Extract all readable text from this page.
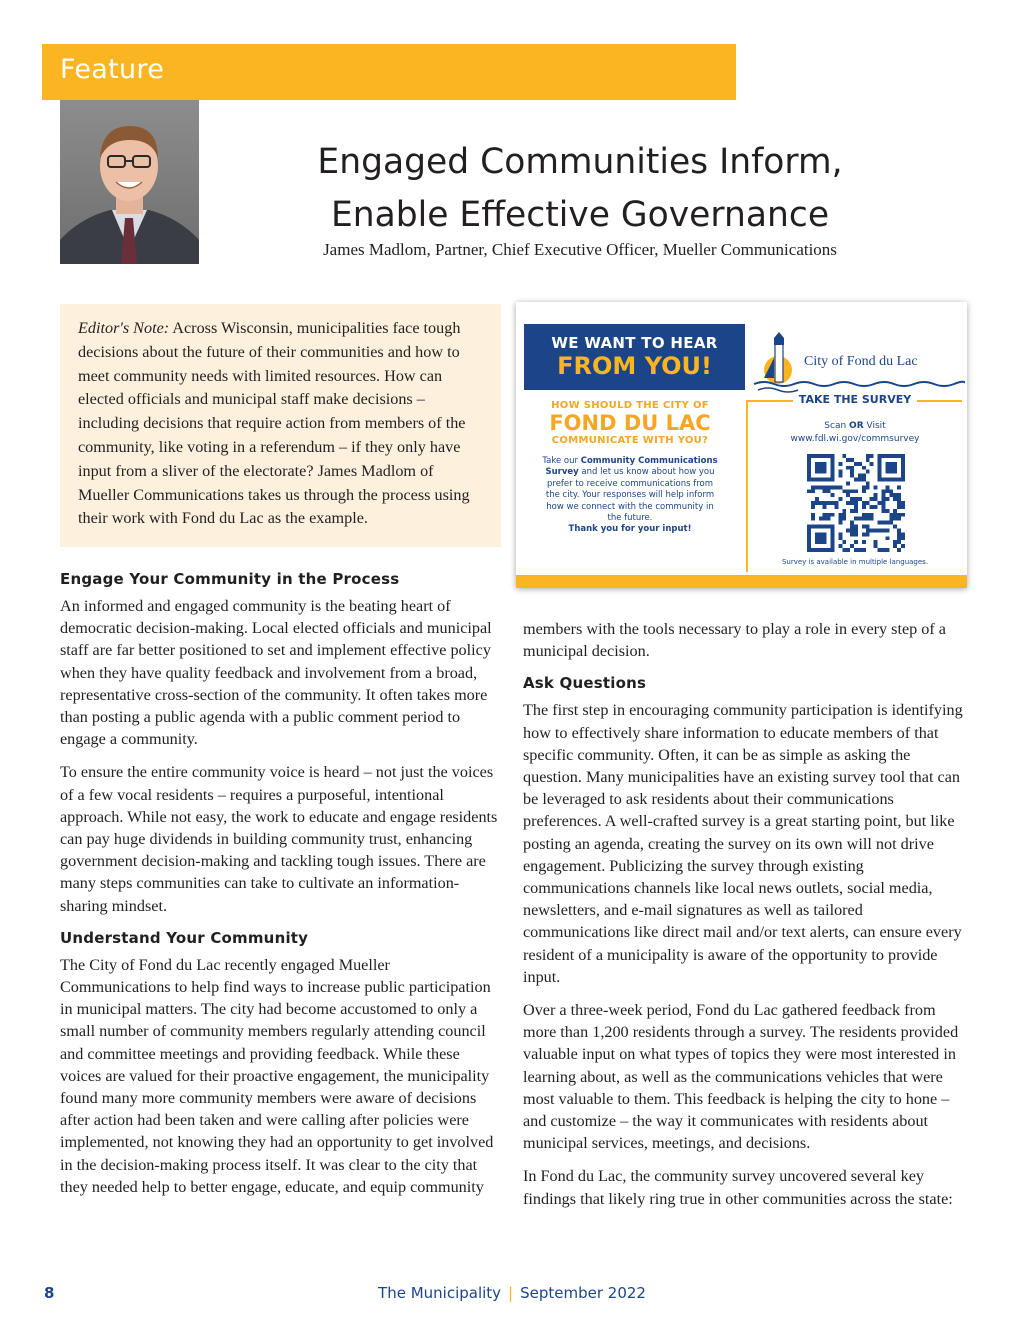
Feature
Engaged Communities Inform,
Enable Effective Governance
James Madlom, Partner, Chief Executive Officer, Mueller Communications
Editor's Note: Across Wisconsin, municipalities face tough decisions about the future of their communities and how to meet community needs with limited resources. How can elected officials and municipal staff make decisions – including decisions that require action from members of the community, like voting in a referendum – if they only have input from a sliver of the electorate? James Madlom of Mueller Communications takes us through the process using their work with Fond du Lac as the example.
WE WANT TO HEAR
FROM YOU!	City of Fond du Lac
HOW SHOULD THE CITY OF
FOND DU LAC
COMMUNICATE WITH YOU?
Take our Community Communications Survey and let us know about how you prefer to receive communications from the city. Your responses will help inform how we connect with the community in the future.
Thank you for your input!
TAKE THE SURVEY
Scan OR Visit
www.fdl.wi.gov/commsurvey
Survey is available in multiple languages.
Engage Your Community in the Process

An informed and engaged community is the beating heart of democratic decision-making. Local elected officials and municipal staff are far better positioned to set and implement effective policy when they have quality feedback and involvement from a broad, representative cross-section of the community. It often takes more than posting a public agenda with a public comment period to engage a community.

To ensure the entire community voice is heard – not just the voices of a few vocal residents – requires a purposeful, intentional approach. While not easy, the work to educate and engage residents can pay huge dividends in building community trust, enhancing government decision-making and tackling tough issues. There are many steps communities can take to cultivate an information-sharing mindset.

Understand Your Community

The City of Fond du Lac recently engaged Mueller Communications to help find ways to increase public participation in municipal matters. The city had become accustomed to only a small number of community members regularly attending council and committee meetings and providing feedback. While these voices are valued for their proactive engagement, the municipality found many more community members were aware of decisions after action had been taken and were calling after policies were implemented, not knowing they had an opportunity to get involved in the decision-making process itself. It was clear to the city that they needed help to better engage, educate, and equip community

members with the tools necessary to play a role in every step of a municipal decision.

Ask Questions

The first step in encouraging community participation is identifying how to effectively share information to educate members of that specific community. Often, it can be as simple as asking the question. Many municipalities have an existing survey tool that can be leveraged to ask residents about their communications preferences. A well-crafted survey is a great starting point, but like posting an agenda, creating the survey on its own will not drive engagement. Publicizing the survey through existing communications channels like local news outlets, social media, newsletters, and e-mail signatures as well as tailored communications like direct mail and/or text alerts, can ensure every resident of a municipality is aware of the opportunity to provide input.

Over a three-week period, Fond du Lac gathered feedback from more than 1,200 residents through a survey. The residents provided valuable input on what types of topics they were most interested in learning about, as well as the communications vehicles that were most valuable to them. This feedback is helping the city to hone – and customize – the way it communicates with residents about municipal services, meetings, and decisions.

In Fond du Lac, the community survey uncovered several key findings that likely ring true in other communities across the state:

8	The Municipality | September 2022
